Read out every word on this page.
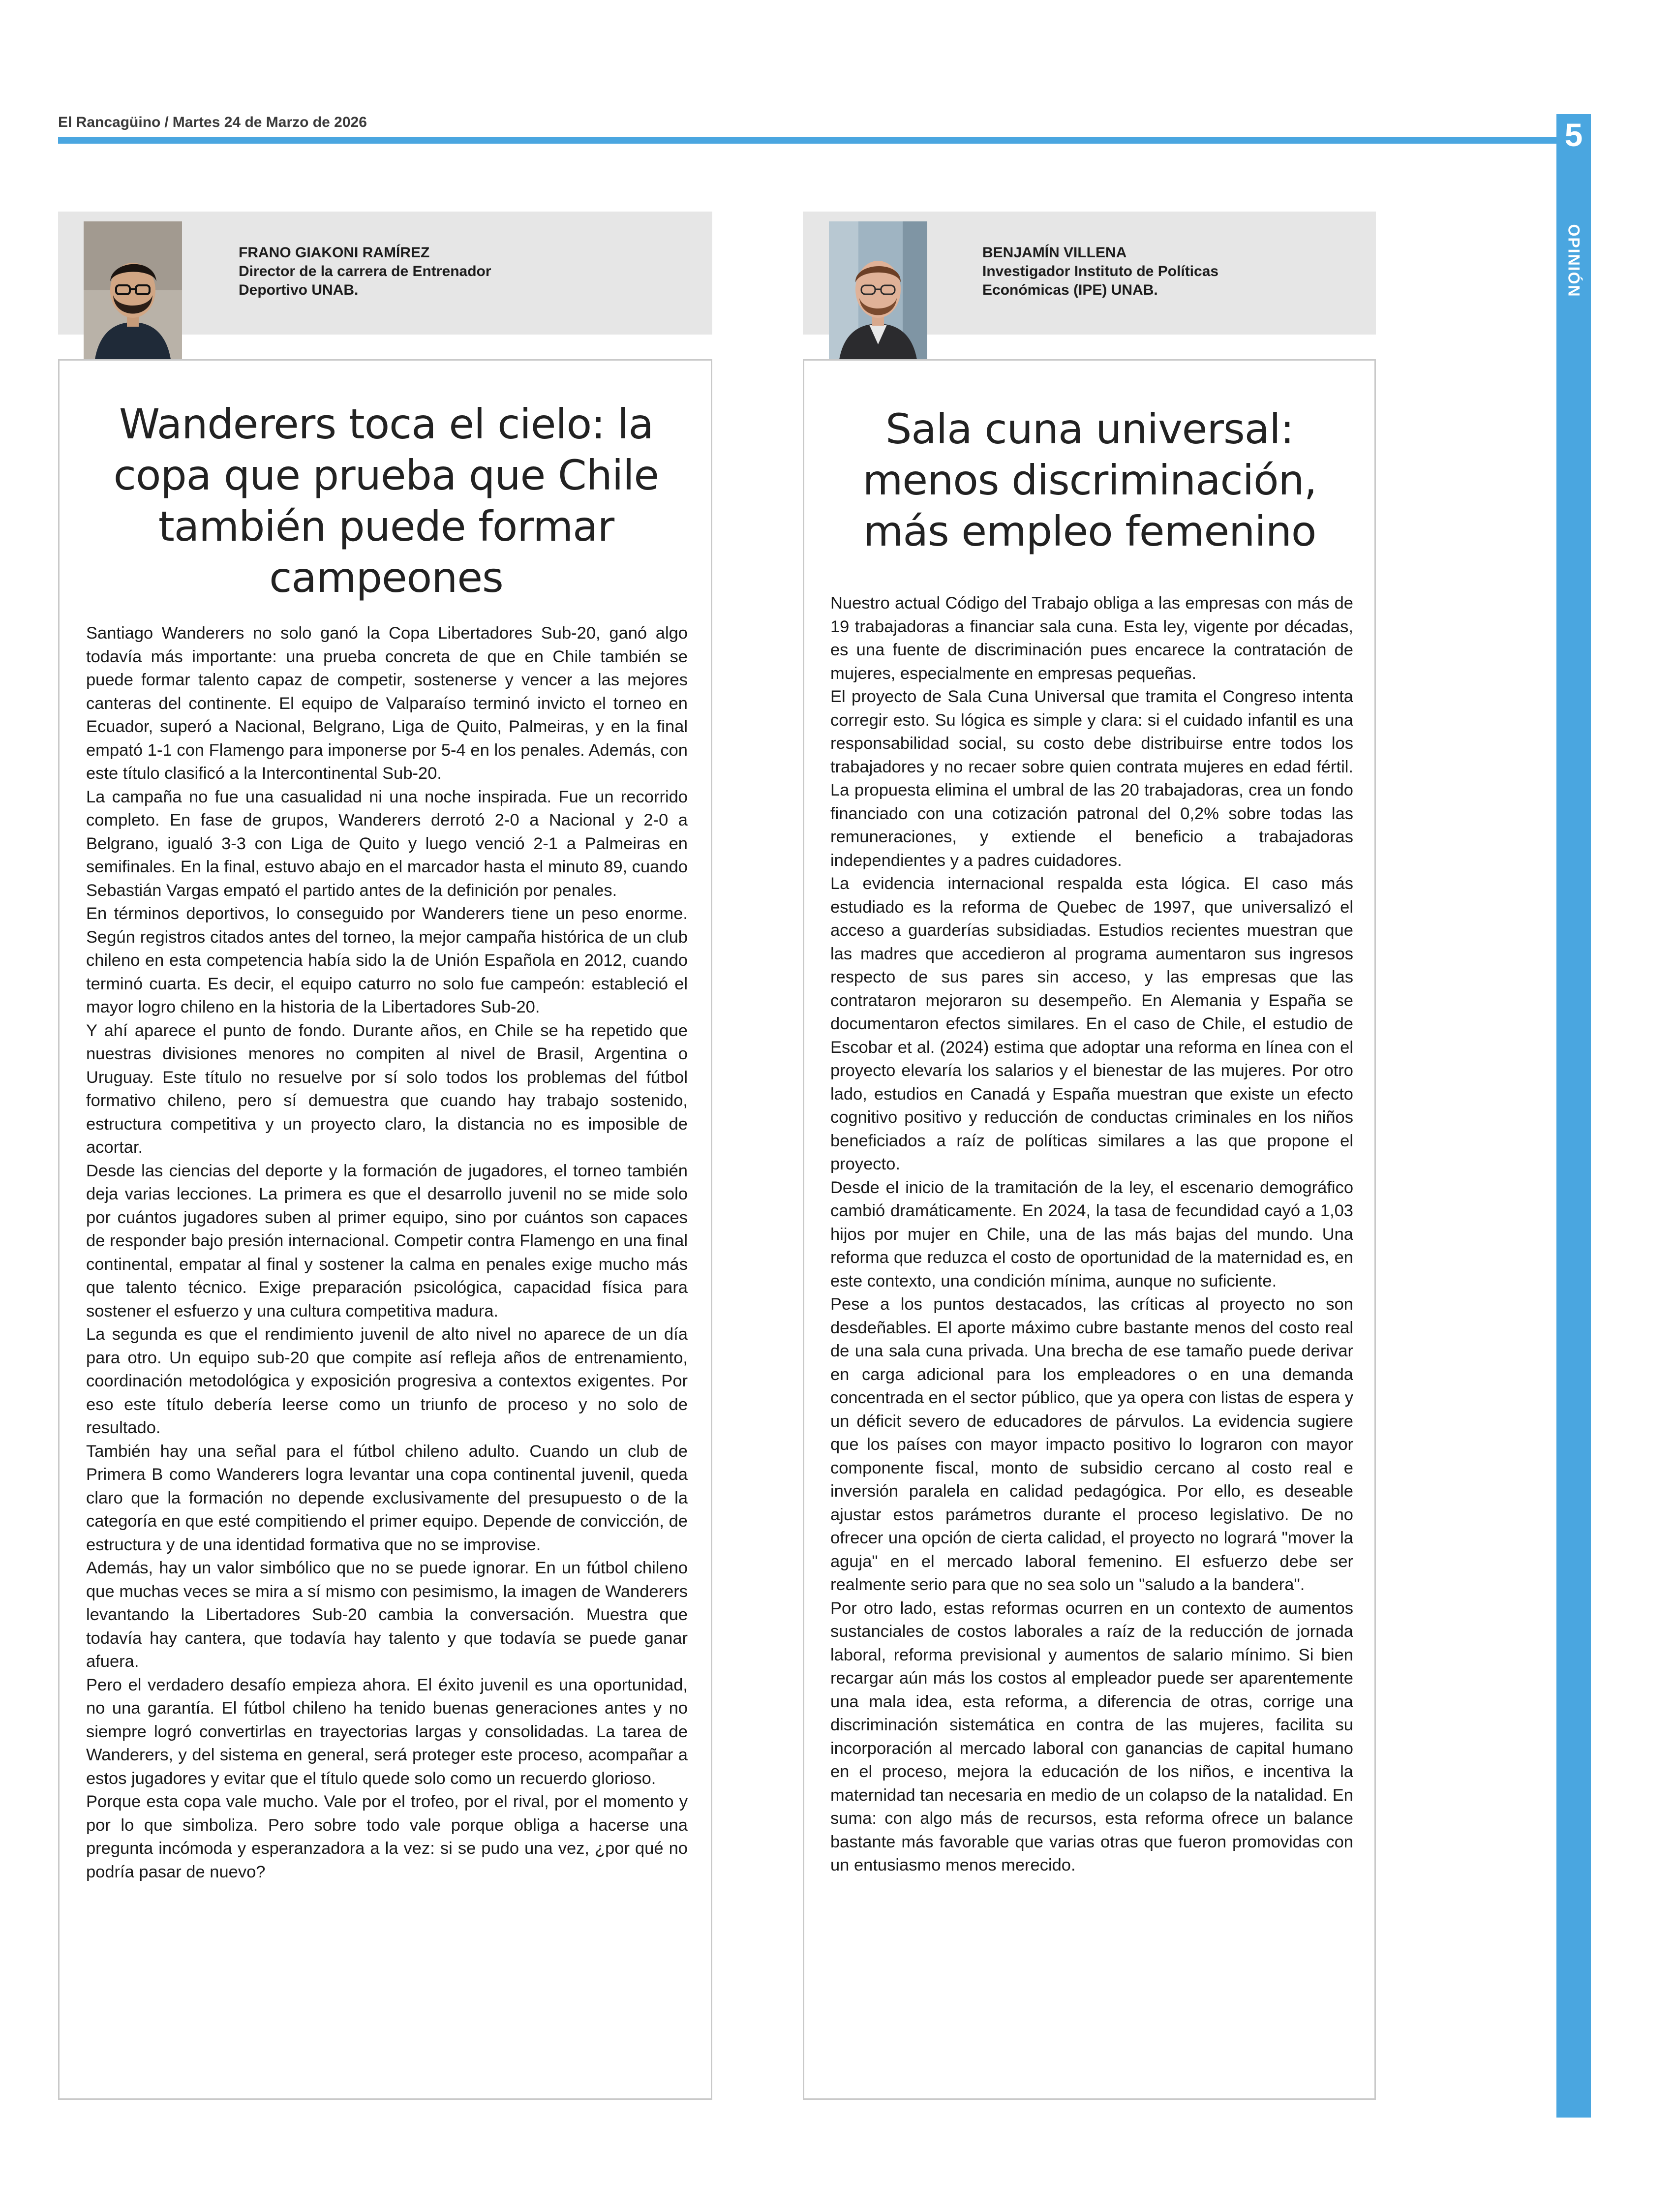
El Rancagüino / Martes 24 de Marzo de 2026	5
OPINIÓN
FRANO GIAKONI RAMÍREZ
Director de la carrera de Entrenador Deportivo UNAB.
Wanderers toca el cielo: la copa que prueba que Chile también puede formar campeones

Santiago Wanderers no solo ganó la Copa Libertadores Sub-20, ganó algo todavía más importante: una prueba concreta de que en Chile también se puede formar talento capaz de competir, sostenerse y vencer a las mejores canteras del continente. El equipo de Valparaíso terminó invicto el torneo en Ecuador, superó a Nacional, Belgrano, Liga de Quito, Palmeiras, y en la final empató 1-1 con Flamengo para imponerse por 5-4 en los penales. Además, con este título clasificó a la Intercontinental Sub-20.

La campaña no fue una casualidad ni una noche inspirada. Fue un recorrido completo. En fase de grupos, Wanderers derrotó 2-0 a Nacional y 2-0 a Belgrano, igualó 3-3 con Liga de Quito y luego venció 2-1 a Palmeiras en semifinales. En la final, estuvo abajo en el marcador hasta el minuto 89, cuando Sebastián Vargas empató el partido antes de la definición por penales.

En términos deportivos, lo conseguido por Wanderers tiene un peso enorme. Según registros citados antes del torneo, la mejor campaña histórica de un club chileno en esta competencia había sido la de Unión Española en 2012, cuando terminó cuarta. Es decir, el equipo caturro no solo fue campeón: estableció el mayor logro chileno en la historia de la Libertadores Sub-20.

Y ahí aparece el punto de fondo. Durante años, en Chile se ha repetido que nuestras divisiones menores no compiten al nivel de Brasil, Argentina o Uruguay. Este título no resuelve por sí solo todos los problemas del fútbol formativo chileno, pero sí demuestra que cuando hay trabajo sostenido, estructura competitiva y un proyecto claro, la distancia no es imposible de acortar.

Desde las ciencias del deporte y la formación de jugadores, el torneo también deja varias lecciones. La primera es que el desarrollo juvenil no se mide solo por cuántos jugadores suben al primer equipo, sino por cuántos son capaces de responder bajo presión internacional. Competir contra Flamengo en una final continental, empatar al final y sostener la calma en penales exige mucho más que talento técnico. Exige preparación psicológica, capacidad física para sostener el esfuerzo y una cultura competitiva madura.

La segunda es que el rendimiento juvenil de alto nivel no aparece de un día para otro. Un equipo sub-20 que compite así refleja años de entrenamiento, coordinación metodológica y exposición progresiva a contextos exigentes. Por eso este título debería leerse como un triunfo de proceso y no solo de resultado.

También hay una señal para el fútbol chileno adulto. Cuando un club de Primera B como Wanderers logra levantar una copa continental juvenil, queda claro que la formación no depende exclusivamente del presupuesto o de la categoría en que esté compitiendo el primer equipo. Depende de convicción, de estructura y de una identidad formativa que no se improvise.

Además, hay un valor simbólico que no se puede ignorar. En un fútbol chileno que muchas veces se mira a sí mismo con pesimismo, la imagen de Wanderers levantando la Libertadores Sub-20 cambia la conversación. Muestra que todavía hay cantera, que todavía hay talento y que todavía se puede ganar afuera.

Pero el verdadero desafío empieza ahora. El éxito juvenil es una oportunidad, no una garantía. El fútbol chileno ha tenido buenas generaciones antes y no siempre logró convertirlas en trayectorias largas y consolidadas. La tarea de Wanderers, y del sistema en general, será proteger este proceso, acompañar a estos jugadores y evitar que el título quede solo como un recuerdo glorioso.

Porque esta copa vale mucho. Vale por el trofeo, por el rival, por el momento y por lo que simboliza. Pero sobre todo vale porque obliga a hacerse una pregunta incómoda y esperanzadora a la vez: si se pudo una vez, ¿por qué no podría pasar de nuevo?

BENJAMÍN VILLENA
Investigador Instituto de Políticas Económicas (IPE) UNAB.
Sala cuna universal: menos discriminación, más empleo femenino

Nuestro actual Código del Trabajo obliga a las empresas con más de 19 trabajadoras a financiar sala cuna. Esta ley, vigente por décadas, es una fuente de discriminación pues encarece la contratación de mujeres, especialmente en empresas pequeñas.

El proyecto de Sala Cuna Universal que tramita el Congreso intenta corregir esto. Su lógica es simple y clara: si el cuidado infantil es una responsabilidad social, su costo debe distribuirse entre todos los trabajadores y no recaer sobre quien contrata mujeres en edad fértil. La propuesta elimina el umbral de las 20 trabajadoras, crea un fondo financiado con una cotización patronal del 0,2% sobre todas las remuneraciones, y extiende el beneficio a trabajadoras independientes y a padres cuidadores.

La evidencia internacional respalda esta lógica. El caso más estudiado es la reforma de Quebec de 1997, que universalizó el acceso a guarderías subsidiadas. Estudios recientes muestran que las madres que accedieron al programa aumentaron sus ingresos respecto de sus pares sin acceso, y las empresas que las contrataron mejoraron su desempeño. En Alemania y España se documentaron efectos similares. En el caso de Chile, el estudio de Escobar et al. (2024) estima que adoptar una reforma en línea con el proyecto elevaría los salarios y el bienestar de las mujeres. Por otro lado, estudios en Canadá y España muestran que existe un efecto cognitivo positivo y reducción de conductas criminales en los niños beneficiados a raíz de políticas similares a las que propone el proyecto.

Desde el inicio de la tramitación de la ley, el escenario demográfico cambió dramáticamente. En 2024, la tasa de fecundidad cayó a 1,03 hijos por mujer en Chile, una de las más bajas del mundo. Una reforma que reduzca el costo de oportunidad de la maternidad es, en este contexto, una condición mínima, aunque no suficiente.

Pese a los puntos destacados, las críticas al proyecto no son desdeñables. El aporte máximo cubre bastante menos del costo real de una sala cuna privada. Una brecha de ese tamaño puede derivar en carga adicional para los empleadores o en una demanda concentrada en el sector público, que ya opera con listas de espera y un déficit severo de educadores de párvulos. La evidencia sugiere que los países con mayor impacto positivo lo lograron con mayor componente fiscal, monto de subsidio cercano al costo real e inversión paralela en calidad pedagógica. Por ello, es deseable ajustar estos parámetros durante el proceso legislativo. De no ofrecer una opción de cierta calidad, el proyecto no logrará "mover la aguja" en el mercado laboral femenino. El esfuerzo debe ser realmente serio para que no sea solo un "saludo a la bandera".

Por otro lado, estas reformas ocurren en un contexto de aumentos sustanciales de costos laborales a raíz de la reducción de jornada laboral, reforma previsional y aumentos de salario mínimo. Si bien recargar aún más los costos al empleador puede ser aparentemente una mala idea, esta reforma, a diferencia de otras, corrige una discriminación sistemática en contra de las mujeres, facilita su incorporación al mercado laboral con ganancias de capital humano en el proceso, mejora la educación de los niños, e incentiva la maternidad tan necesaria en medio de un colapso de la natalidad. En suma: con algo más de recursos, esta reforma ofrece un balance bastante más favorable que varias otras que fueron promovidas con un entusiasmo menos merecido.
